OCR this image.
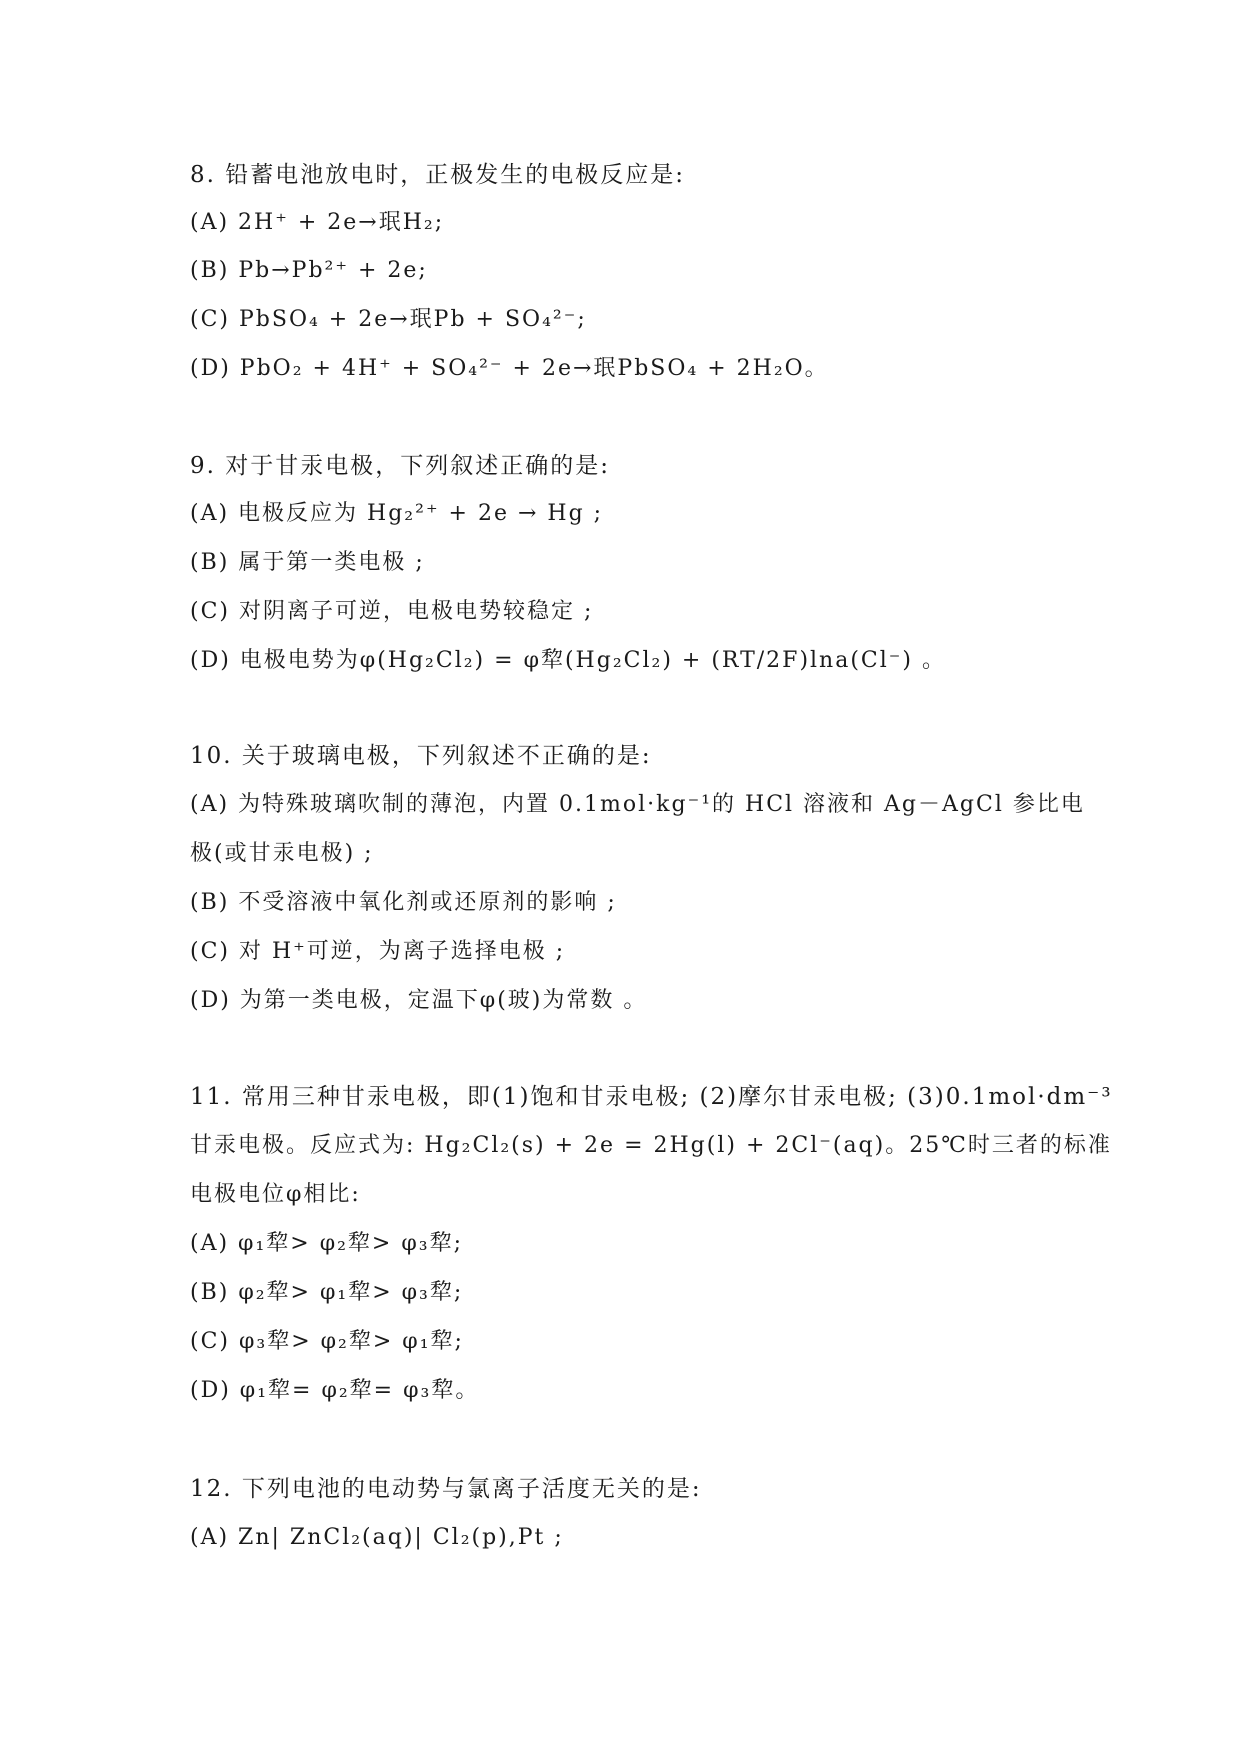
8. 铅蓄电池放电时，正极发生的电极反应是:
(A) 2H⁺ + 2e→珉H₂;
(B) Pb→Pb²⁺ + 2e;
(C) PbSO₄ + 2e→珉Pb + SO₄²⁻;
(D) PbO₂ + 4H⁺ + SO₄²⁻ + 2e→珉PbSO₄ + 2H₂O。
9. 对于甘汞电极，下列叙述正确的是:
(A) 电极反应为 Hg₂²⁺ + 2e → Hg ;
(B) 属于第一类电极 ;
(C) 对阴离子可逆，电极电势较稳定 ;
(D) 电极电势为φ(Hg₂Cl₂) = φ犂(Hg₂Cl₂) + (RT/2F)lna(Cl⁻) 。
10. 关于玻璃电极，下列叙述不正确的是:
(A) 为特殊玻璃吹制的薄泡，内置 0.1mol·kg⁻¹的 HCl 溶液和 Ag－AgCl 参比电
极(或甘汞电极) ;
(B) 不受溶液中氧化剂或还原剂的影响 ;
(C) 对 H⁺可逆，为离子选择电极 ;
(D) 为第一类电极，定温下φ(玻)为常数 。
11. 常用三种甘汞电极，即(1)饱和甘汞电极; (2)摩尔甘汞电极; (3)0.1mol·dm⁻³
甘汞电极。反应式为: Hg₂Cl₂(s) + 2e = 2Hg(l) + 2Cl⁻(aq)。25℃时三者的标准
电极电位φ相比:
(A) φ₁犂> φ₂犂> φ₃犂;
(B) φ₂犂> φ₁犂> φ₃犂;
(C) φ₃犂> φ₂犂> φ₁犂;
(D) φ₁犂= φ₂犂= φ₃犂。
12. 下列电池的电动势与氯离子活度无关的是:
(A) Zn| ZnCl₂(aq)| Cl₂(p),Pt ;
